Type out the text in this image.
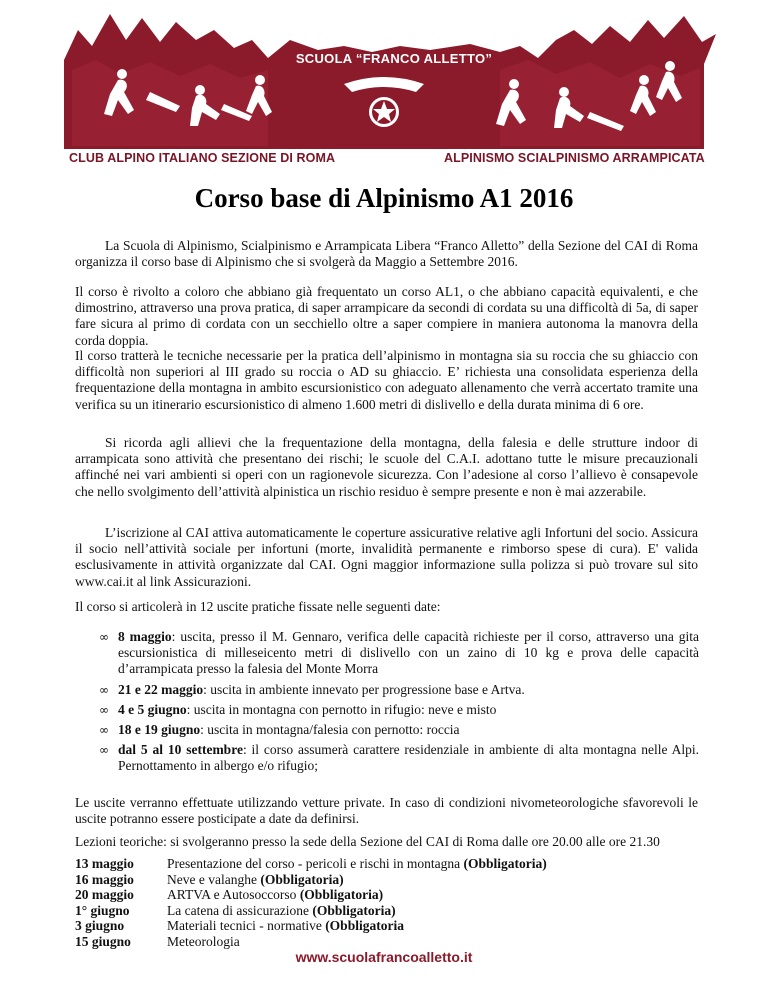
SCUOLA “FRANCO ALLETTO”
CLUB ALPINO ITALIANO SEZIONE DI ROMA	ALPINISMO SCIALPINISMO ARRAMPICATA
Corso base di Alpinismo A1 2016

La Scuola di Alpinismo, Scialpinismo e Arrampicata Libera “Franco Alletto” della Sezione del CAI di Roma organizza il corso base di Alpinismo che si svolgerà da Maggio a Settembre 2016.

Il corso è rivolto a coloro che abbiano già frequentato un corso AL1, o che abbiano capacità equivalenti, e che dimostrino, attraverso una prova pratica, di saper arrampicare da secondi di cordata su una difficoltà di 5a, di saper fare sicura al primo di cordata con un secchiello oltre a saper compiere in maniera autonoma la manovra della corda doppia.

Il corso tratterà le tecniche necessarie per la pratica dell’alpinismo in montagna sia su roccia che su ghiaccio con difficoltà non superiori al III grado su roccia o AD su ghiaccio. E’ richiesta una consolidata esperienza della frequentazione della montagna in ambito escursionistico con adeguato allenamento che verrà accertato tramite una verifica su un itinerario escursionistico di almeno 1.600 metri di dislivello e della durata minima di 6 ore.

Si ricorda agli allievi che la frequentazione della montagna, della falesia e delle strutture indoor di arrampicata sono attività che presentano dei rischi; le scuole del C.A.I. adottano tutte le misure precauzionali affinché nei vari ambienti si operi con un ragionevole sicurezza. Con l’adesione al corso l’allievo è consapevole che nello svolgimento dell’attività alpinistica un rischio residuo è sempre presente e non è mai azzerabile.

L’iscrizione al CAI attiva automaticamente le coperture assicurative relative agli Infortuni del socio. Assicura il socio nell’attività sociale per infortuni (morte, invalidità permanente e rimborso spese di cura). E' valida esclusivamente in attività organizzate dal CAI. Ogni maggior informazione sulla polizza si può trovare sul sito www.cai.it al link Assicurazioni.

Il corso si articolerà in 12 uscite pratiche fissate nelle seguenti date:

∞ 8 maggio: uscita, presso il M. Gennaro, verifica delle capacità richieste per il corso, attraverso una gita escursionistica di milleseicento metri di dislivello con un zaino di 10 kg e prova delle capacità d’arrampicata presso la falesia del Monte Morra
∞ 21 e 22 maggio: uscita in ambiente innevato per progressione base e Artva.
∞ 4 e 5 giugno: uscita in montagna con pernotto in rifugio: neve e misto
∞ 18 e 19 giugno: uscita in montagna/falesia con pernotto: roccia
∞ dal 5 al 10 settembre: il corso assumerà carattere residenziale in ambiente di alta montagna nelle Alpi. Pernottamento in albergo e/o rifugio;

Le uscite verranno effettuate utilizzando vetture private. In caso di condizioni nivometeorologiche sfavorevoli le uscite potranno essere posticipate a date da definirsi.

Lezioni teoriche: si svolgeranno presso la sede della Sezione del CAI di Roma dalle ore 20.00 alle ore 21.30

13 maggio	Presentazione del corso - pericoli e rischi in montagna (Obbligatoria)
16 maggio	Neve e valanghe (Obbligatoria)
20 maggio	ARTVA e Autosoccorso (Obbligatoria)
1° giugno	La catena di assicurazione (Obbligatoria)
3 giugno	Materiali tecnici - normative (Obbligatoria
15 giugno	Meteorologia
www.scuolafrancoalletto.it
